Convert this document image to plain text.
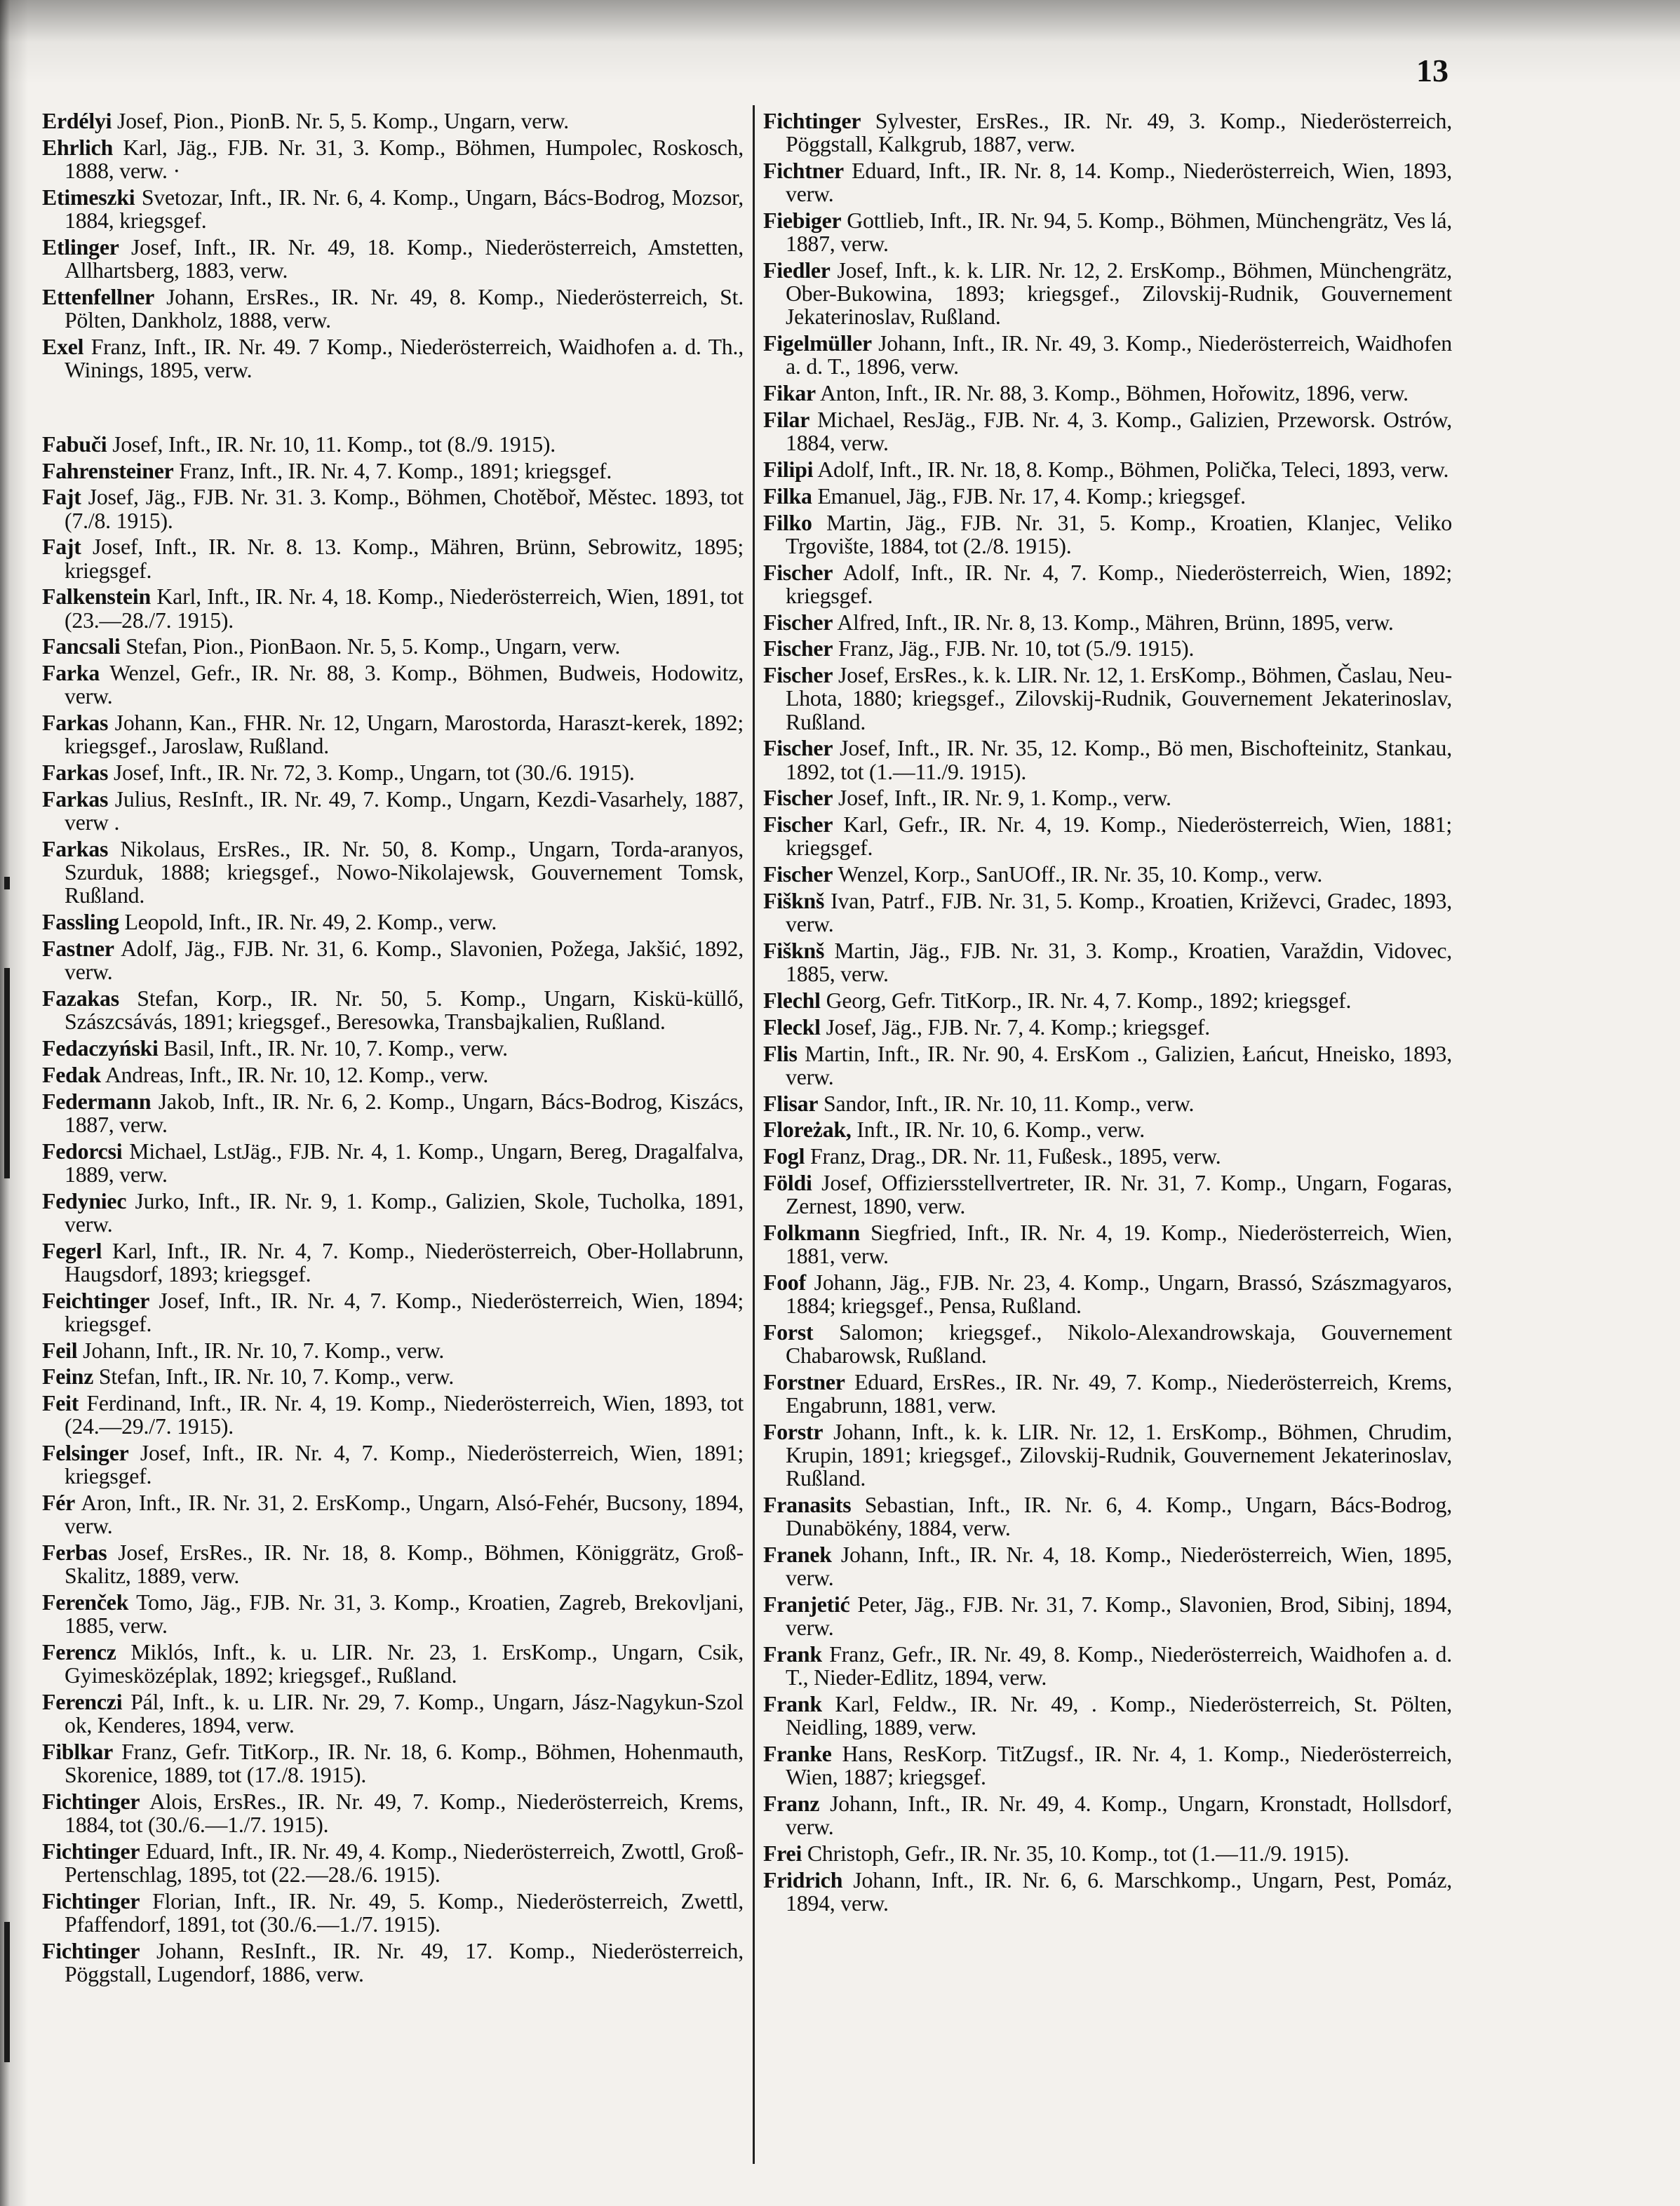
13
Erdélyi Josef, Pion., PionB. Nr. 5, 5. Komp., Ungarn, verw.
Ehrlich Karl, Jäg., FJB. Nr. 31, 3. Komp., Böhmen, Humpolec, Roskosch, 1888, verw. ·
Etimeszki Svetozar, Inft., IR. Nr. 6, 4. Komp., Ungarn, Bács-Bodrog, Mozsor, 1884, kriegsgef.
Etlinger Josef, Inft., IR. Nr. 49, 18. Komp., Niederösterreich, Amstetten, Allhartsberg, 1883, verw.
Ettenfellner Johann, ErsRes., IR. Nr. 49, 8. Komp., Niederösterreich, St. Pölten, Dankholz, 1888, verw.
Exel Franz, Inft., IR. Nr. 49. 7 Komp., Niederösterreich, Waidhofen a. d. Th., Winings, 1895, verw.
Fabuči Josef, Inft., IR. Nr. 10, 11. Komp., tot (8./9. 1915).
Fahrensteiner Franz, Inft., IR. Nr. 4, 7. Komp., 1891; kriegsgef.
Fajt Josef, Jäg., FJB. Nr. 31. 3. Komp., Böhmen, Chotěboř, Městec. 1893, tot (7./8. 1915).
Fajt Josef, Inft., IR. Nr. 8. 13. Komp., Mähren, Brünn, Sebrowitz, 1895; kriegsgef.
Falkenstein Karl, Inft., IR. Nr. 4, 18. Komp., Niederösterreich, Wien, 1891, tot (23.—28./7. 1915).
Fancsali Stefan, Pion., PionBaon. Nr. 5, 5. Komp., Ungarn, verw.
Farka Wenzel, Gefr., IR. Nr. 88, 3. Komp., Böhmen, Budweis, Hodowitz, verw.
Farkas Johann, Kan., FHR. Nr. 12, Ungarn, Marostorda, Haraszt-kerek, 1892; kriegsgef., Jaroslaw, Rußland.
Farkas Josef, Inft., IR. Nr. 72, 3. Komp., Ungarn, tot (30./6. 1915).
Farkas Julius, ResInft., IR. Nr. 49, 7. Komp., Ungarn, Kezdi-Vasarhely, 1887, verw .
Farkas Nikolaus, ErsRes., IR. Nr. 50, 8. Komp., Ungarn, Torda-aranyos, Szurduk, 1888; kriegsgef., Nowo-Nikolajewsk, Gouvernement Tomsk, Rußland.
Fassling Leopold, Inft., IR. Nr. 49, 2. Komp., verw.
Fastner Adolf, Jäg., FJB. Nr. 31, 6. Komp., Slavonien, Požega, Jakšić, 1892, verw.
Fazakas Stefan, Korp., IR. Nr. 50, 5. Komp., Ungarn, Kiskü-küllő, Szászcsávás, 1891; kriegsgef., Beresowka, Transbajkalien, Rußland.
Fedaczyński Basil, Inft., IR. Nr. 10, 7. Komp., verw.
Fedak Andreas, Inft., IR. Nr. 10, 12. Komp., verw.
Federmann Jakob, Inft., IR. Nr. 6, 2. Komp., Ungarn, Bács-Bodrog, Kiszács, 1887, verw.
Fedorcsi Michael, LstJäg., FJB. Nr. 4, 1. Komp., Ungarn, Bereg, Dragalfalva, 1889, verw.
Fedyniec Jurko, Inft., IR. Nr. 9, 1. Komp., Galizien, Skole, Tucholka, 1891, verw.
Fegerl Karl, Inft., IR. Nr. 4, 7. Komp., Niederösterreich, Ober-Hollabrunn, Haugsdorf, 1893; kriegsgef.
Feichtinger Josef, Inft., IR. Nr. 4, 7. Komp., Niederösterreich, Wien, 1894; kriegsgef.
Feil Johann, Inft., IR. Nr. 10, 7. Komp., verw.
Feinz Stefan, Inft., IR. Nr. 10, 7. Komp., verw.
Feit Ferdinand, Inft., IR. Nr. 4, 19. Komp., Niederösterreich, Wien, 1893, tot (24.—29./7. 1915).
Felsinger Josef, Inft., IR. Nr. 4, 7. Komp., Niederösterreich, Wien, 1891; kriegsgef.
Fér Aron, Inft., IR. Nr. 31, 2. ErsKomp., Ungarn, Alsó-Fehér, Bucsony, 1894, verw.
Ferbas Josef, ErsRes., IR. Nr. 18, 8. Komp., Böhmen, Königgrätz, Groß-Skalitz, 1889, verw.
Ferenček Tomo, Jäg., FJB. Nr. 31, 3. Komp., Kroatien, Zagreb, Brekovljani, 1885, verw.
Ferencz Miklós, Inft., k. u. LIR. Nr. 23, 1. ErsKomp., Ungarn, Csik, Gyimesközéplak, 1892; kriegsgef., Rußland.
Ferenczi Pál, Inft., k. u. LIR. Nr. 29, 7. Komp., Ungarn, Jász-Nagykun-Szol ok, Kenderes, 1894, verw.
Fiblkar Franz, Gefr. TitKorp., IR. Nr. 18, 6. Komp., Böhmen, Hohenmauth, Skorenice, 1889, tot (17./8. 1915).
Fichtinger Alois, ErsRes., IR. Nr. 49, 7. Komp., Niederösterreich, Krems, 1884, tot (30./6.—1./7. 1915).
Fichtinger Eduard, Inft., IR. Nr. 49, 4. Komp., Niederösterreich, Zwottl, Groß-Pertenschlag, 1895, tot (22.—28./6. 1915).
Fichtinger Florian, Inft., IR. Nr. 49, 5. Komp., Niederösterreich, Zwettl, Pfaffendorf, 1891, tot (30./6.—1./7. 1915).
Fichtinger Johann, ResInft., IR. Nr. 49, 17. Komp., Niederösterreich, Pöggstall, Lugendorf, 1886, verw.
Fichtinger Sylvester, ErsRes., IR. Nr. 49, 3. Komp., Niederösterreich, Pöggstall, Kalkgrub, 1887, verw.
Fichtner Eduard, Inft., IR. Nr. 8, 14. Komp., Niederösterreich, Wien, 1893, verw.
Fiebiger Gottlieb, Inft., IR. Nr. 94, 5. Komp., Böhmen, Münchengrätz, Ves lá, 1887, verw.
Fiedler Josef, Inft., k. k. LIR. Nr. 12, 2. ErsKomp., Böhmen, Münchengrätz, Ober-Bukowina, 1893; kriegsgef., Zilovskij-Rudnik, Gouvernement Jekaterinoslav, Rußland.
Figelmüller Johann, Inft., IR. Nr. 49, 3. Komp., Niederösterreich, Waidhofen a. d. T., 1896, verw.
Fikar Anton, Inft., IR. Nr. 88, 3. Komp., Böhmen, Hořowitz, 1896, verw.
Filar Michael, ResJäg., FJB. Nr. 4, 3. Komp., Galizien, Przeworsk. Ostrów, 1884, verw.
Filipi Adolf, Inft., IR. Nr. 18, 8. Komp., Böhmen, Polička, Teleci, 1893, verw.
Filka Emanuel, Jäg., FJB. Nr. 17, 4. Komp.; kriegsgef.
Filko Martin, Jäg., FJB. Nr. 31, 5. Komp., Kroatien, Klanjec, Veliko Trgovište, 1884, tot (2./8. 1915).
Fischer Adolf, Inft., IR. Nr. 4, 7. Komp., Niederösterreich, Wien, 1892; kriegsgef.
Fischer Alfred, Inft., IR. Nr. 8, 13. Komp., Mähren, Brünn, 1895, verw.
Fischer Franz, Jäg., FJB. Nr. 10, tot (5./9. 1915).
Fischer Josef, ErsRes., k. k. LIR. Nr. 12, 1. ErsKomp., Böhmen, Časlau, Neu-Lhota, 1880; kriegsgef., Zilovskij-Rudnik, Gouvernement Jekaterinoslav, Rußland.
Fischer Josef, Inft., IR. Nr. 35, 12. Komp., Bö men, Bischofteinitz, Stankau, 1892, tot (1.—11./9. 1915).
Fischer Josef, Inft., IR. Nr. 9, 1. Komp., verw.
Fischer Karl, Gefr., IR. Nr. 4, 19. Komp., Niederösterreich, Wien, 1881; kriegsgef.
Fischer Wenzel, Korp., SanUOff., IR. Nr. 35, 10. Komp., verw.
Fišknš Ivan, Patrf., FJB. Nr. 31, 5. Komp., Kroatien, Križevci, Gradec, 1893, verw.
Fišknš Martin, Jäg., FJB. Nr. 31, 3. Komp., Kroatien, Varaždin, Vidovec, 1885, verw.
Flechl Georg, Gefr. TitKorp., IR. Nr. 4, 7. Komp., 1892; kriegsgef.
Fleckl Josef, Jäg., FJB. Nr. 7, 4. Komp.; kriegsgef.
Flis Martin, Inft., IR. Nr. 90, 4. ErsKom ., Galizien, Łańcut, Hneisko, 1893, verw.
Flisar Sandor, Inft., IR. Nr. 10, 11. Komp., verw.
Floreżak, Inft., IR. Nr. 10, 6. Komp., verw.
Fogl Franz, Drag., DR. Nr. 11, Fußesk., 1895, verw.
Földi Josef, Offiziersstellvertreter, IR. Nr. 31, 7. Komp., Ungarn, Fogaras, Zernest, 1890, verw.
Folkmann Siegfried, Inft., IR. Nr. 4, 19. Komp., Niederösterreich, Wien, 1881, verw.
Foof Johann, Jäg., FJB. Nr. 23, 4. Komp., Ungarn, Brassó, Szászmagyaros, 1884; kriegsgef., Pensa, Rußland.
Forst Salomon; kriegsgef., Nikolo-Alexandrowskaja, Gouvernement Chabarowsk, Rußland.
Forstner Eduard, ErsRes., IR. Nr. 49, 7. Komp., Niederösterreich, Krems, Engabrunn, 1881, verw.
Forstr Johann, Inft., k. k. LIR. Nr. 12, 1. ErsKomp., Böhmen, Chrudim, Krupin, 1891; kriegsgef., Zilovskij-Rudnik, Gouvernement Jekaterinoslav, Rußland.
Franasits Sebastian, Inft., IR. Nr. 6, 4. Komp., Ungarn, Bács-Bodrog, Dunabökény, 1884, verw.
Franek Johann, Inft., IR. Nr. 4, 18. Komp., Niederösterreich, Wien, 1895, verw.
Franjetić Peter, Jäg., FJB. Nr. 31, 7. Komp., Slavonien, Brod, Sibinj, 1894, verw.
Frank Franz, Gefr., IR. Nr. 49, 8. Komp., Niederösterreich, Waidhofen a. d. T., Nieder-Edlitz, 1894, verw.
Frank Karl, Feldw., IR. Nr. 49, . Komp., Niederösterreich, St. Pölten, Neidling, 1889, verw.
Franke Hans, ResKorp. TitZugsf., IR. Nr. 4, 1. Komp., Niederösterreich, Wien, 1887; kriegsgef.
Franz Johann, Inft., IR. Nr. 49, 4. Komp., Ungarn, Kronstadt, Hollsdorf, verw.
Frei Christoph, Gefr., IR. Nr. 35, 10. Komp., tot (1.—11./9. 1915).
Fridrich Johann, Inft., IR. Nr. 6, 6. Marschkomp., Ungarn, Pest, Pomáz, 1894, verw.
